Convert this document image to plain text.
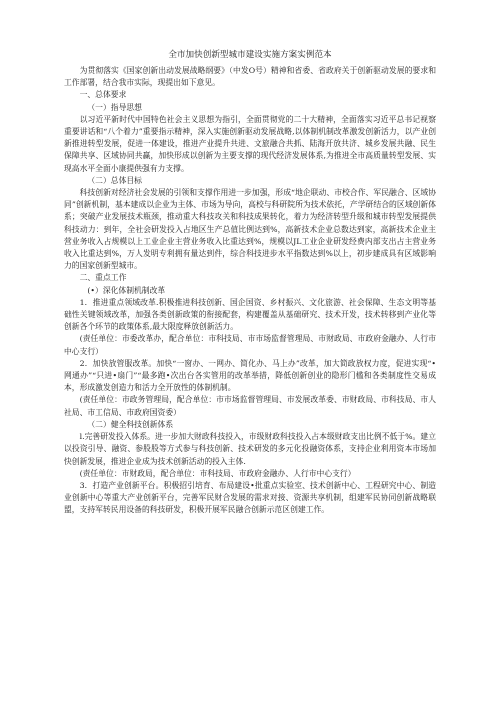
全市加快创新型城市建设实施方案实例范本

为贯彻落实《国家创新出动发展战略纲要》（中发O号）精神和省委、省政府关于创新驱动发展的要求和工作部署，结合我市实际，现提出如下意见。

一、总体要求

（一）指导思想

以习近平新时代中国特色社会主义思想为指引，全面贯彻党的二十大精神，全面落实习近平总书记视察重要讲话和“八个着力”重要指示精神，深入实施创新驱动发展战略,以体制机制改革激发创新活力，以产业创新推进转型发展，促进一体建设，推进产业提升共进、文旅融合共抓、陆海开放共济、城乡发展共融、民生保障共享、区域协同共赢，加快形成以创新为主要支撑的现代经济发展体系,为推进全市高质量转型发展、实现高水平全面小康提供强有力支撑。

（二）总体目标

科技创新对经济社会发展的引领和支撑作用进一步加强，形成“地企联动、市校合作、军民融合、区域协同”创新机制，基本建成以企业为主体、市场为导向，高校与科研院所为技术依托，产学研结合的区域创新体系；突破产业发展技术瓶颈，推动重大科技攻关和科技成果转化，着力为经济转型升级和城市转型发展提供科技动力：到年，全社会研发投入占地区生产总值比例达到%，高新技术企业总数达到家，高新技术企业主营业务收入占规模以上工业企业主营业务收入比重达到%，规模以JL工业企业研发经费内部支出占主营业务收入比重达到%，万人发明专利拥有量达到件，综合科技进步水平指数达到%以上，初步建成具有区域影响力的国家创新型城市。

二、重点工作

(•）深化体制机制改革

1．推进重点领域改革.积极推进科技创新、国企国资、乡村振兴、文化旅游、社会保障、生态文明等基础性关键领域改革，加强各类创新政策的衔接配套，构建覆盖从基础研究、技术开发，技术转移到产业化等创新各个环节的政策体系,最大限度释放创新活力。

(责任单位：市委改革办，配合单位：市科技局、市市场监督管理局、市财政局、市政府金融办、人行市中心支行）

2．加快放管服改革。加快“一窗办、一网办、简化办、马上办”改革，加大简政放权力度，促进实现“•网通办”“只进•扇门”“最多跑•次出台各实管用的改革举措，降低创新创业的隐形门槛和各类制度性交易成本，形成激发创造力和活力全开放性的体制机制。

(责任单位：市政务管理局，配合单位：市市场监督管理局、市发展改革委、市财政局、市科技局、市人社局、市工信局、市政府国资委）

（二）健全科技创新体系

l.完善研发投入体系。进一步加大财政科技投入，市级财政科技投入占本级财政支出比例不低于%。建立以投资引导、融资、参股股等方式参与科技创新、技术研发的多元化投融资体系，支持企业利用资本市场加快创新发展，推进企业成为技术创新活动的投入主体.

(责任单位：市财政局，配合单位：市科技局、市政府金融办、人行市中心支行）

3．打造产业创新平台。积极招引培育、布局建设•批重点实验室、技术创新中心、工程研究中心、制造业创新中心等重大产业创新平台，完善军民财合发展的需求对接、资源共享机制，组建军民协同创新战略联盟，支持军转民用设备的科技研发，积极开展军民融合创新示范区创建工作。
